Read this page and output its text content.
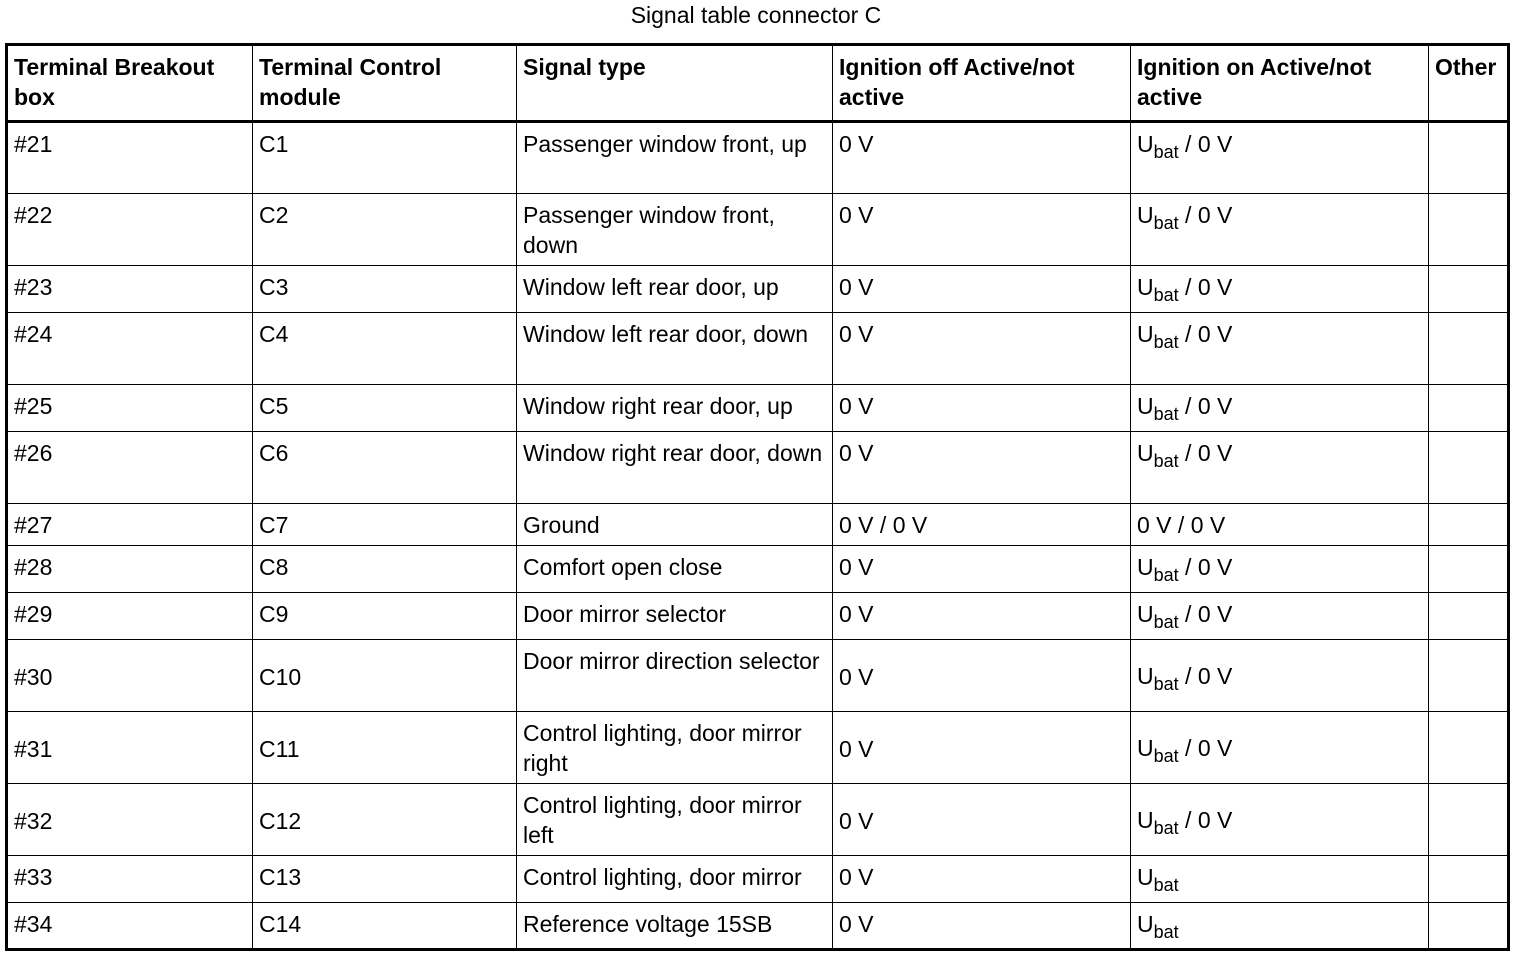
Signal table connector C
Terminal Breakout box	Terminal Control module	Signal type	Ignition off Active/not active	Ignition on Active/not active	Other
#21	C1	Passenger window front, up	0 V	$U_{bat} / 0$ V	
#22	C2	Passenger window front, down	0 V	$U_{bat} / 0$ V	
#23	C3	Window left rear door, up	0 V	$U_{bat} / 0$ V	
#24	C4	Window left rear door, down	0 V	$U_{bat} / 0$ V	
#25	C5	Window right rear door, up	0 V	$U_{bat} / 0$ V	
#26	C6	Window right rear door, down	0 V	$U_{bat} / 0$ V	
#27	C7	Ground	0 V / 0 V	0 V / 0 V	
#28	C8	Comfort open close	0 V	$U_{bat} / 0$ V	
#29	C9	Door mirror selector	0 V	$U_{bat} / 0$ V	
#30	C10	Door mirror direction selector	0 V	$U_{bat} / 0$ V	
#31	C11	Control lighting, door mirror right	0 V	$U_{bat} / 0$ V	
#32	C12	Control lighting, door mirror left	0 V	$U_{bat} / 0$ V	
#33	C13	Control lighting, door mirror	0 V	$U_{bat}$	
#34	C14	Reference voltage 15SB	0 V	$U_{bat}$	
